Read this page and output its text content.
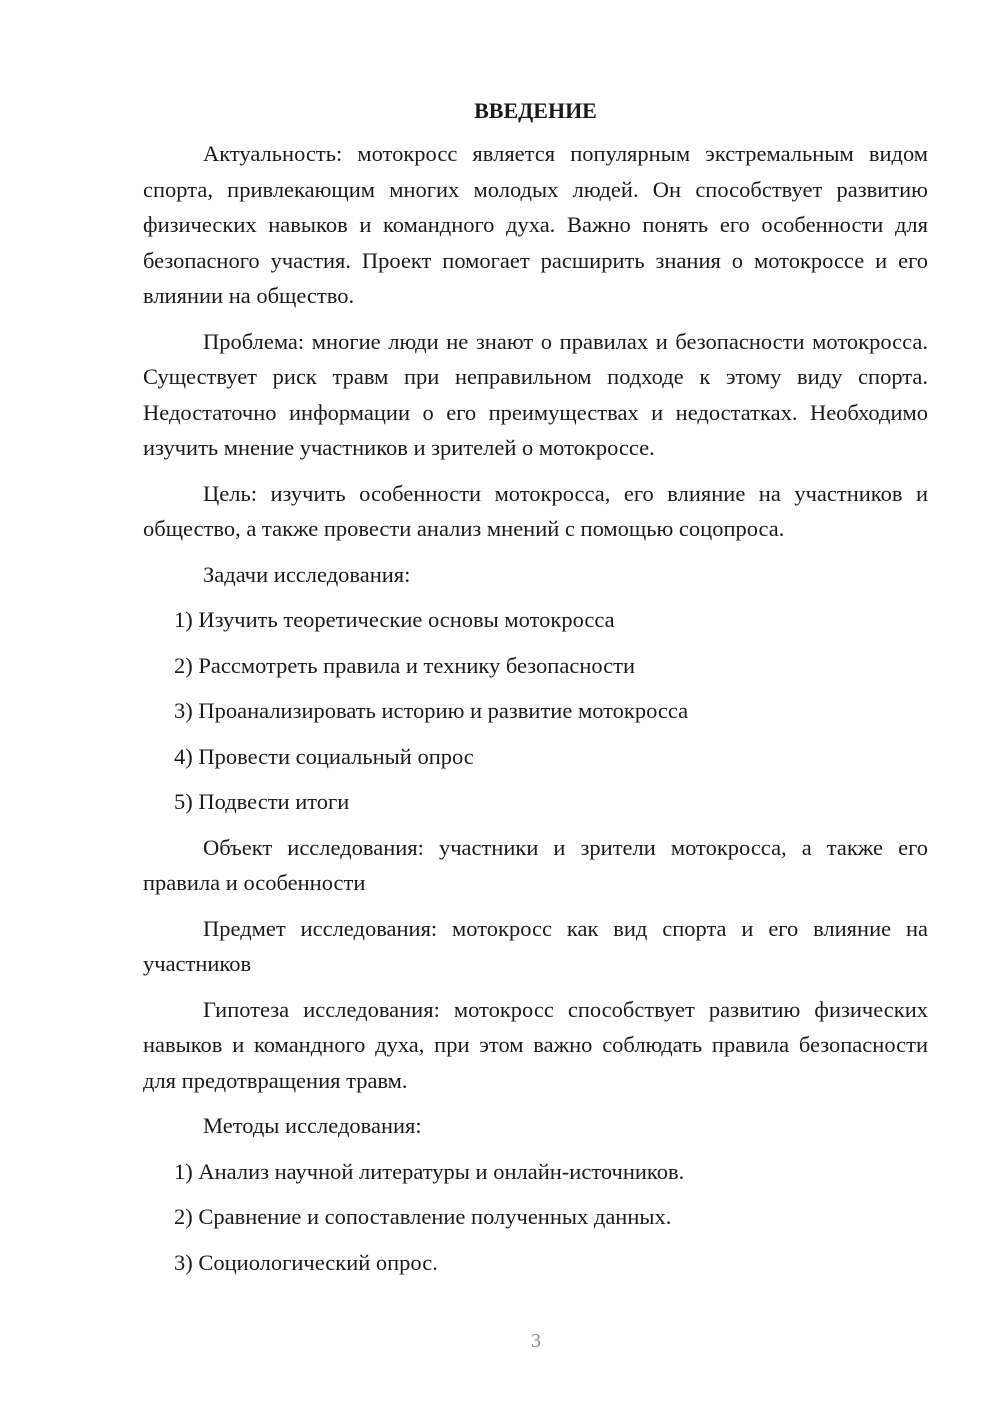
ВВЕДЕНИЕ

Актуальность: мотокросс является популярным экстремальным видом спорта, привлекающим многих молодых людей. Он способствует развитию физических навыков и командного духа. Важно понять его особенности для безопасного участия. Проект помогает расширить знания о мотокроссе и его влиянии на общество.

Проблема: многие люди не знают о правилах и безопасности мотокросса. Существует риск травм при неправильном подходе к этому виду спорта. Недостаточно информации о его преимуществах и недостатках. Необходимо изучить мнение участников и зрителей о мотокроссе.

Цель: изучить особенности мотокросса, его влияние на участников и общество, а также провести анализ мнений с помощью соцопроса.

Задачи исследования:

1) Изучить теоретические основы мотокросса
2) Рассмотреть правила и технику безопасности
3) Проанализировать историю и развитие мотокросса
4) Провести социальный опрос
5) Подвести итоги

Объект исследования: участники и зрители мотокросса, а также его правила и особенности

Предмет исследования: мотокросс как вид спорта и его влияние на участников

Гипотеза исследования: мотокросс способствует развитию физических навыков и командного духа, при этом важно соблюдать правила безопасности для предотвращения травм.

Методы исследования:

1) Анализ научной литературы и онлайн-источников.
2) Сравнение и сопоставление полученных данных.
3) Социологический опрос.
3
